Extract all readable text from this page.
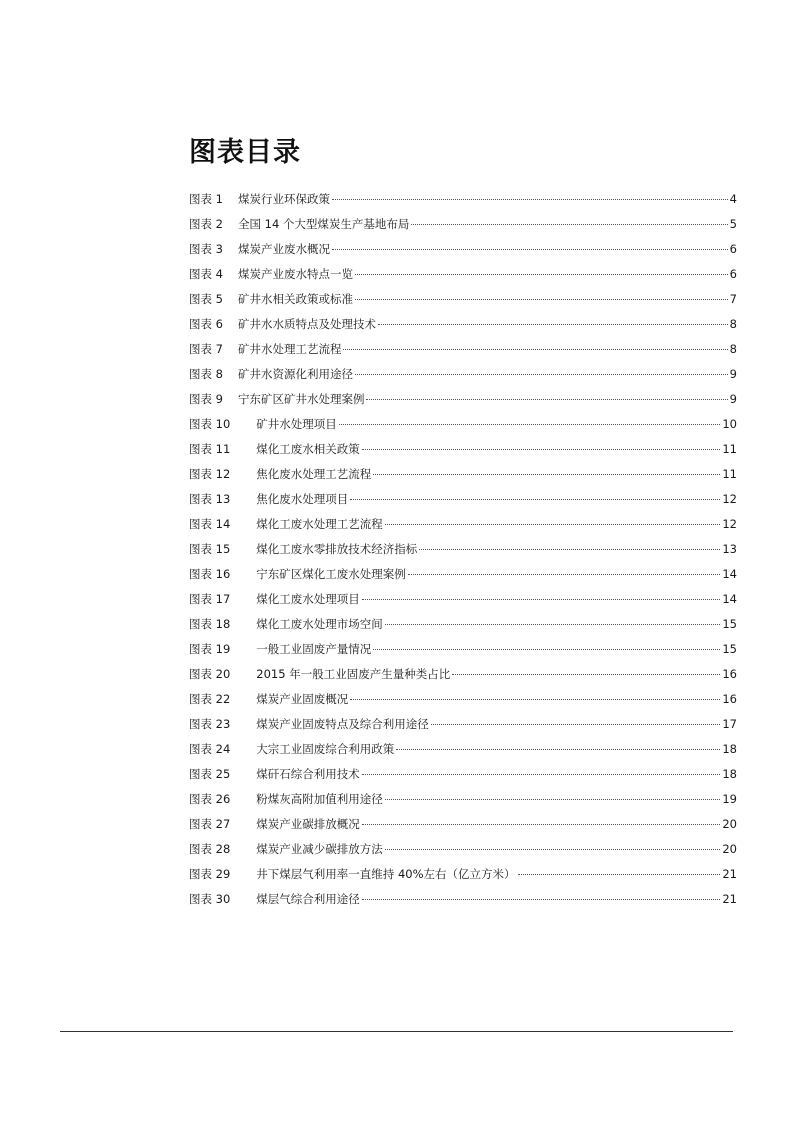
图表目录
图表 1 煤炭行业环保政策	4
图表 2 全国 14 个大型煤炭生产基地布局	5
图表 3 煤炭产业废水概况	6
图表 4 煤炭产业废水特点一览	6
图表 5 矿井水相关政策或标准	7
图表 6 矿井水水质特点及处理技术	8
图表 7 矿井水处理工艺流程	8
图表 8 矿井水资源化利用途径	9
图表 9 宁东矿区矿井水处理案例	9
图表 10 矿井水处理项目	10
图表 11 煤化工废水相关政策	11
图表 12 焦化废水处理工艺流程	11
图表 13 焦化废水处理项目	12
图表 14 煤化工废水处理工艺流程	12
图表 15 煤化工废水零排放技术经济指标	13
图表 16 宁东矿区煤化工废水处理案例	14
图表 17 煤化工废水处理项目	14
图表 18 煤化工废水处理市场空间	15
图表 19 一般工业固废产量情况	15
图表 20 2015 年一般工业固废产生量种类占比	16
图表 22 煤炭产业固废概况	16
图表 23 煤炭产业固废特点及综合利用途径	17
图表 24 大宗工业固废综合利用政策	18
图表 25 煤矸石综合利用技术	18
图表 26 粉煤灰高附加值利用途径	19
图表 27 煤炭产业碳排放概况	20
图表 28 煤炭产业减少碳排放方法	20
图表 29 井下煤层气利用率一直维持 40%左右（亿立方米）	21
图表 30 煤层气综合利用途径	21
